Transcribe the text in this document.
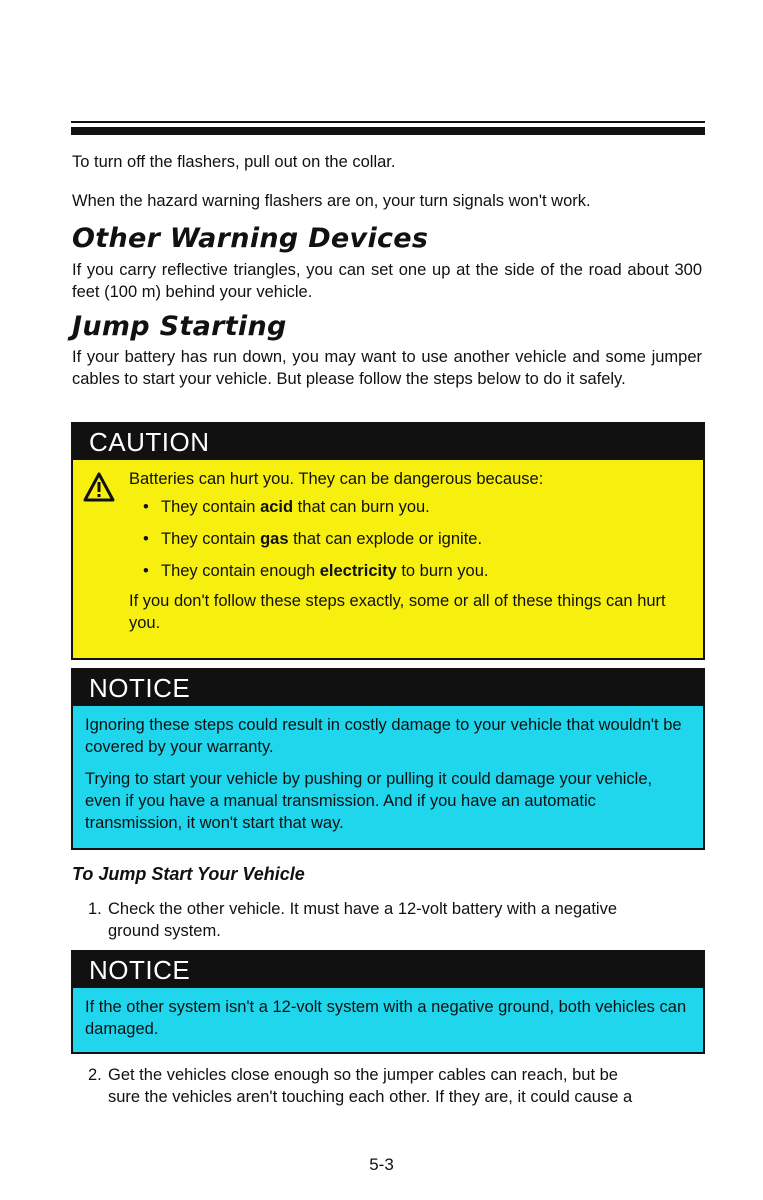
To turn off the flashers, pull out on the collar.
When the hazard warning flashers are on, your turn signals won't work.
Other Warning Devices
If you carry reflective triangles, you can set one up at the side of the road about 300 feet (100 m) behind your vehicle.
Jump Starting
If your battery has run down, you may want to use another vehicle and some jumper cables to start your vehicle. But please follow the steps below to do it safely.
CAUTION
Batteries can hurt you. They can be dangerous because:
• They contain acid that can burn you.
• They contain gas that can explode or ignite.
• They contain enough electricity to burn you.
If you don't follow these steps exactly, some or all of these things can hurt you.
NOTICE

Ignoring these steps could result in costly damage to your vehicle that wouldn't be covered by your warranty.

Trying to start your vehicle by pushing or pulling it could damage your vehicle, even if you have a manual transmission. And if you have an automatic transmission, it won't start that way.

To Jump Start Your Vehicle
1. Check the other vehicle. It must have a 12-volt battery with a negative
ground system.
NOTICE

If the other system isn't a 12-volt system with a negative ground, both vehicles can damaged.

2. Get the vehicles close enough so the jumper cables can reach, but be
sure the vehicles aren't touching each other. If they are, it could cause a
5-3
